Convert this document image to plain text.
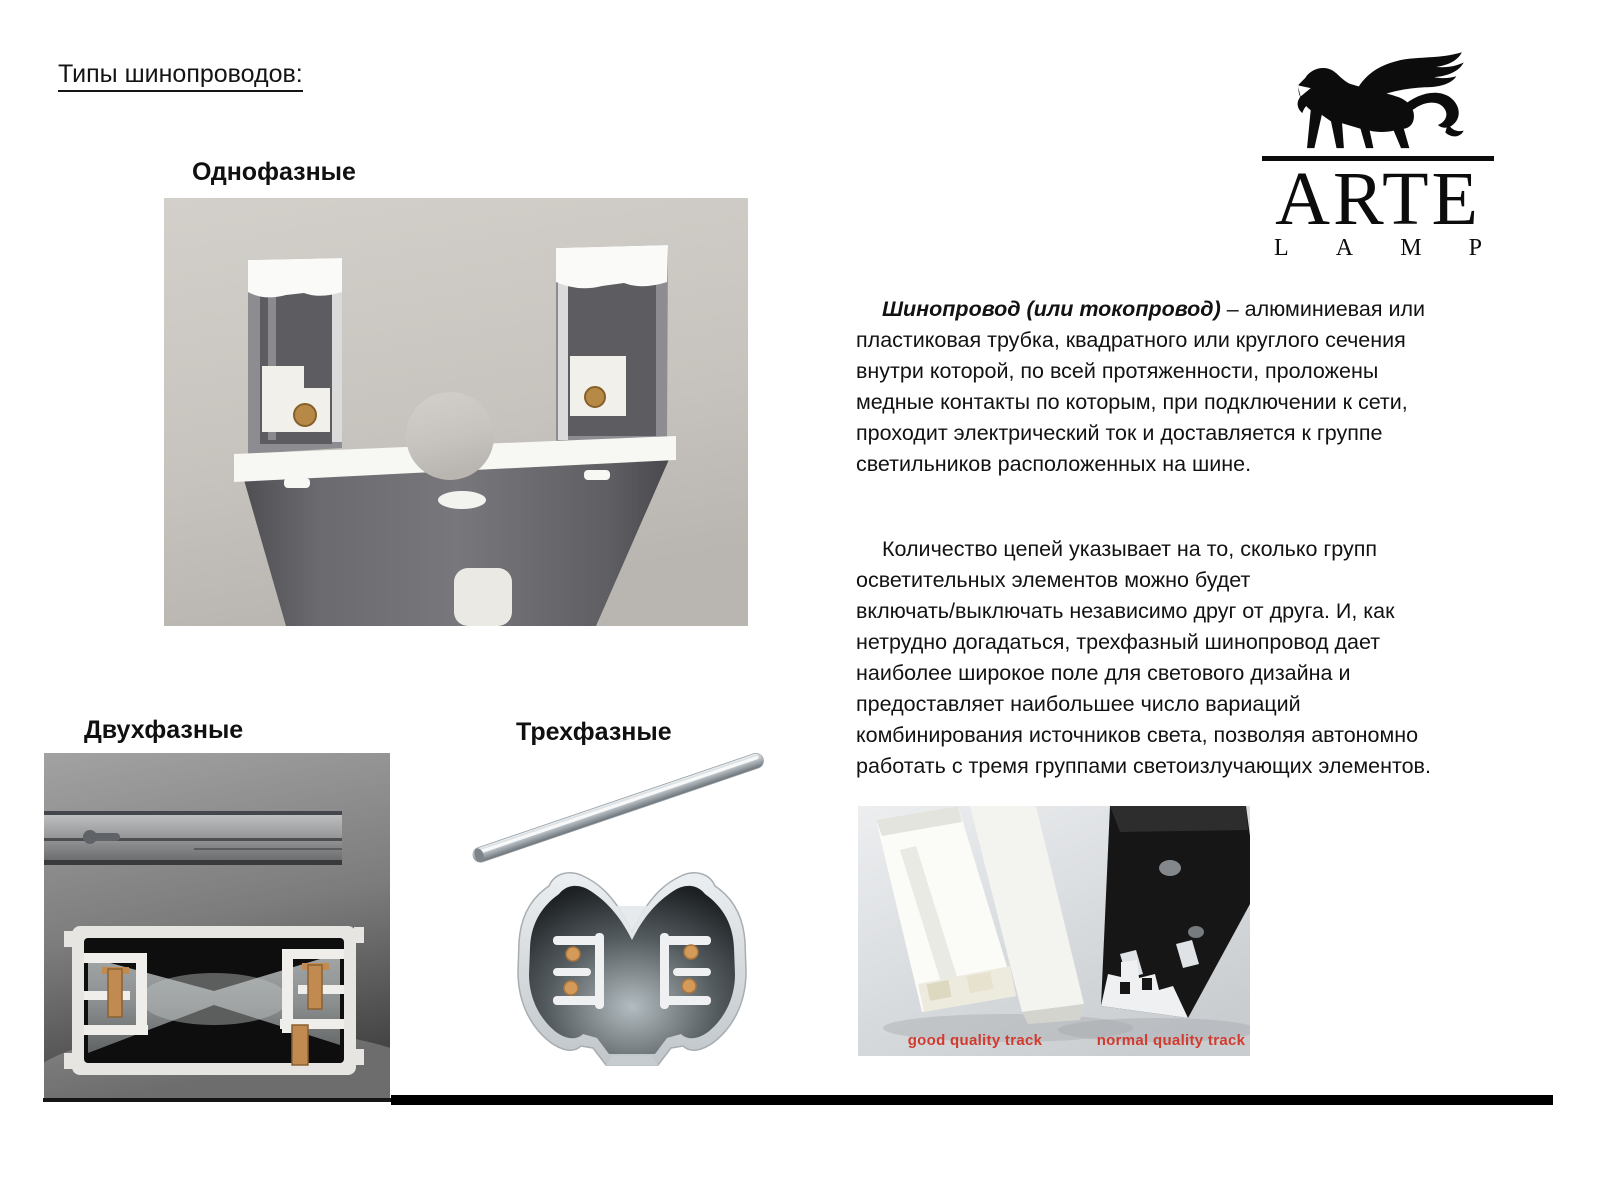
Типы шинопроводов:
Однофазные
Двухфазные	Трехфазные
good quality track	normal quality track
ARTE
L A M P
Шинопровод (или токопровод) – алюминиевая или
пластиковая трубка, квадратного или круглого сечения
внутри которой, по всей протяженности, проложены
медные контакты по которым, при подключении к сети,
проходит электрический ток и доставляется к группе
светильников расположенных на шине.
Количество цепей указывает на то, сколько групп
осветительных элементов можно будет
включать/выключать независимо друг от друга. И, как
нетрудно догадаться, трехфазный шинопровод дает
наиболее широкое поле для светового дизайна и
предоставляет наибольшее число вариаций
комбинирования источников света, позволяя автономно
работать с тремя группами светоизлучающих элементов.
